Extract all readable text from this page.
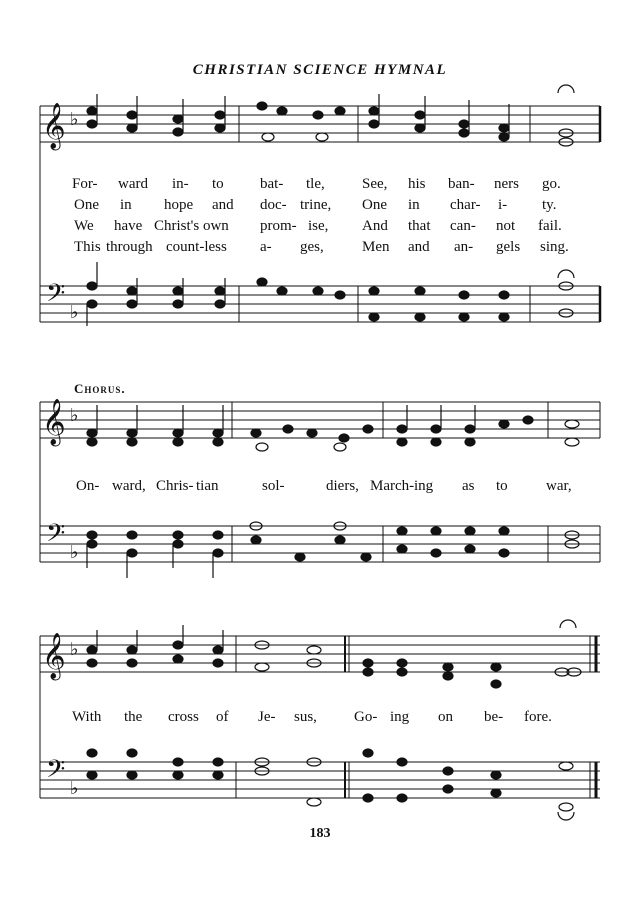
CHRISTIAN SCIENCE HYMNAL
𝄞
𝄢
♭
♭
𝄞
𝄢
♭
♭
𝄞
𝄢
♭
♭
For- ward in- to bat- tle, See, his ban- ners go.
One in hope and doc- trine, One in char- i- ty.
We have Christ's own prom- ise, And that can- not fail.
This through count-less a- ges,	Men and an- gels sing.
Chorus.
On- ward, Chris- tian	sol-	diers, March- ing as to	war,
With the cross of Je- sus, Go- ing on be- fore.
183
